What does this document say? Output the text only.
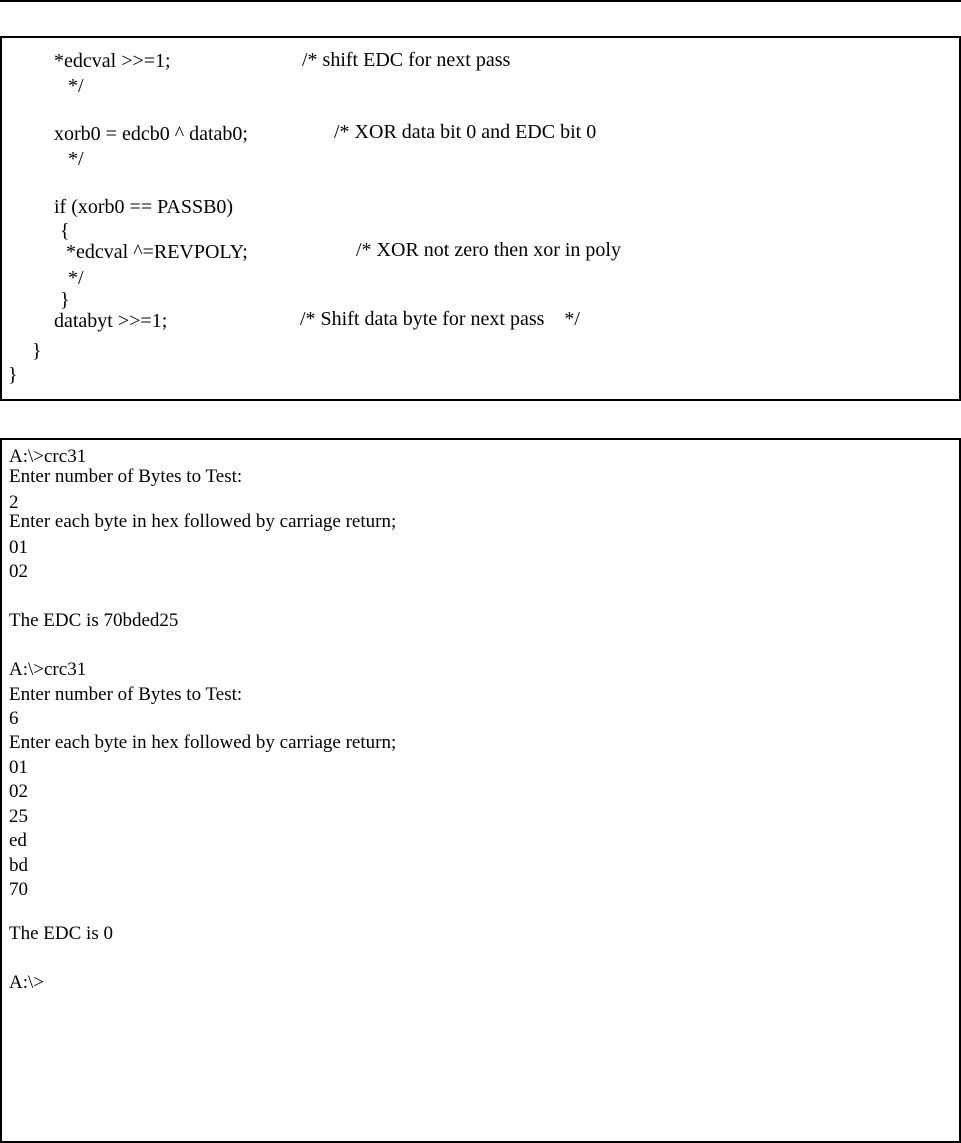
*edcval >>=1;	/* shift EDC for next pass
*/
xorb0 = edcb0 ^ datab0;	/* XOR data bit 0 and EDC bit 0
*/
if (xorb0 == PASSB0)
{
*edcval ^=REVPOLY;	/* XOR not zero then xor in poly
*/
}
databyt >>=1;	/* Shift data byte for next pass    */
}
}
A:\>crc31
Enter number of Bytes to Test:
2
Enter each byte in hex followed by carriage return;
01
02
The EDC is 70bded25
A:\>crc31
Enter number of Bytes to Test:
6
Enter each byte in hex followed by carriage return;
01
02
25
ed
bd
70
The EDC is 0
A:\>
